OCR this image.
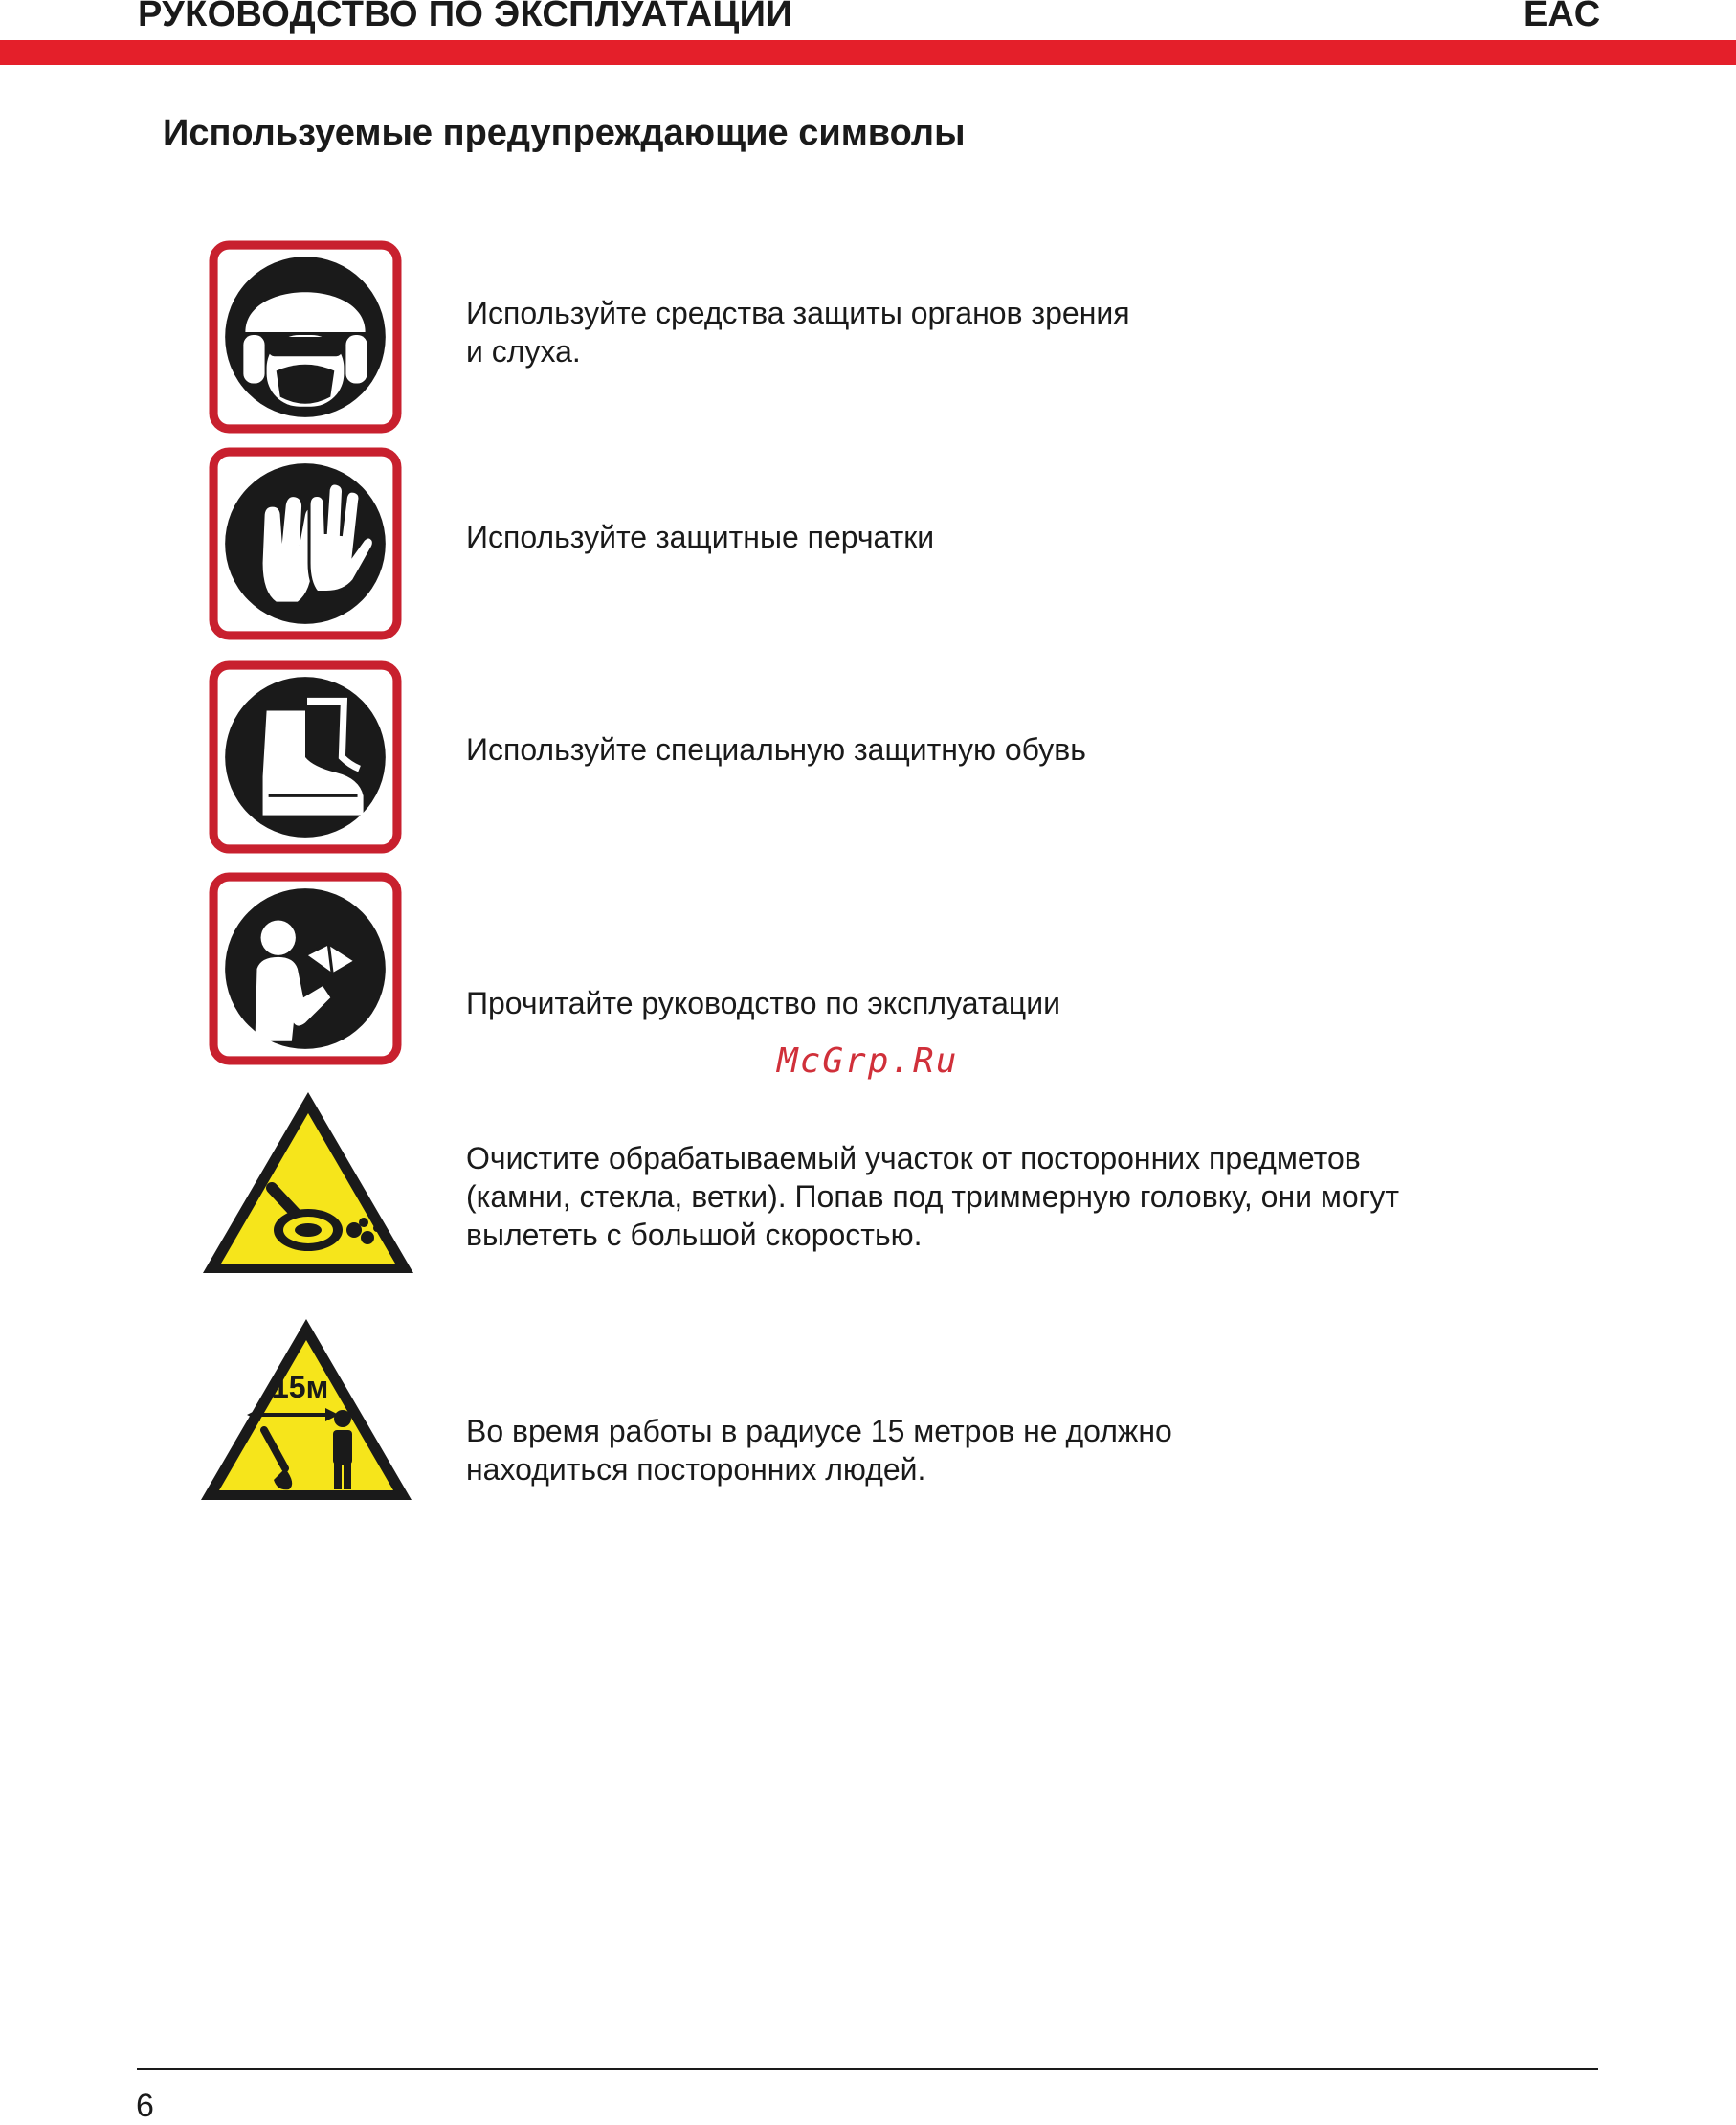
РУКОВОДСТВО ПО ЭКСПЛУАТАЦИИ	EAC
Используемые предупреждающие символы
Используйте средства защиты органов зрения
и слуха.
Используйте защитные перчатки
Используйте специальную защитную обувь
Прочитайте руководство по эксплуатации
McGrp.Ru
Очистите обрабатываемый участок от посторонних предметов
(камни, стекла, ветки). Попав под триммерную головку, они могут
вылететь с большой скоростью.
15м
Во время работы в радиусе 15 метров не должно
находиться посторонних людей.
6
